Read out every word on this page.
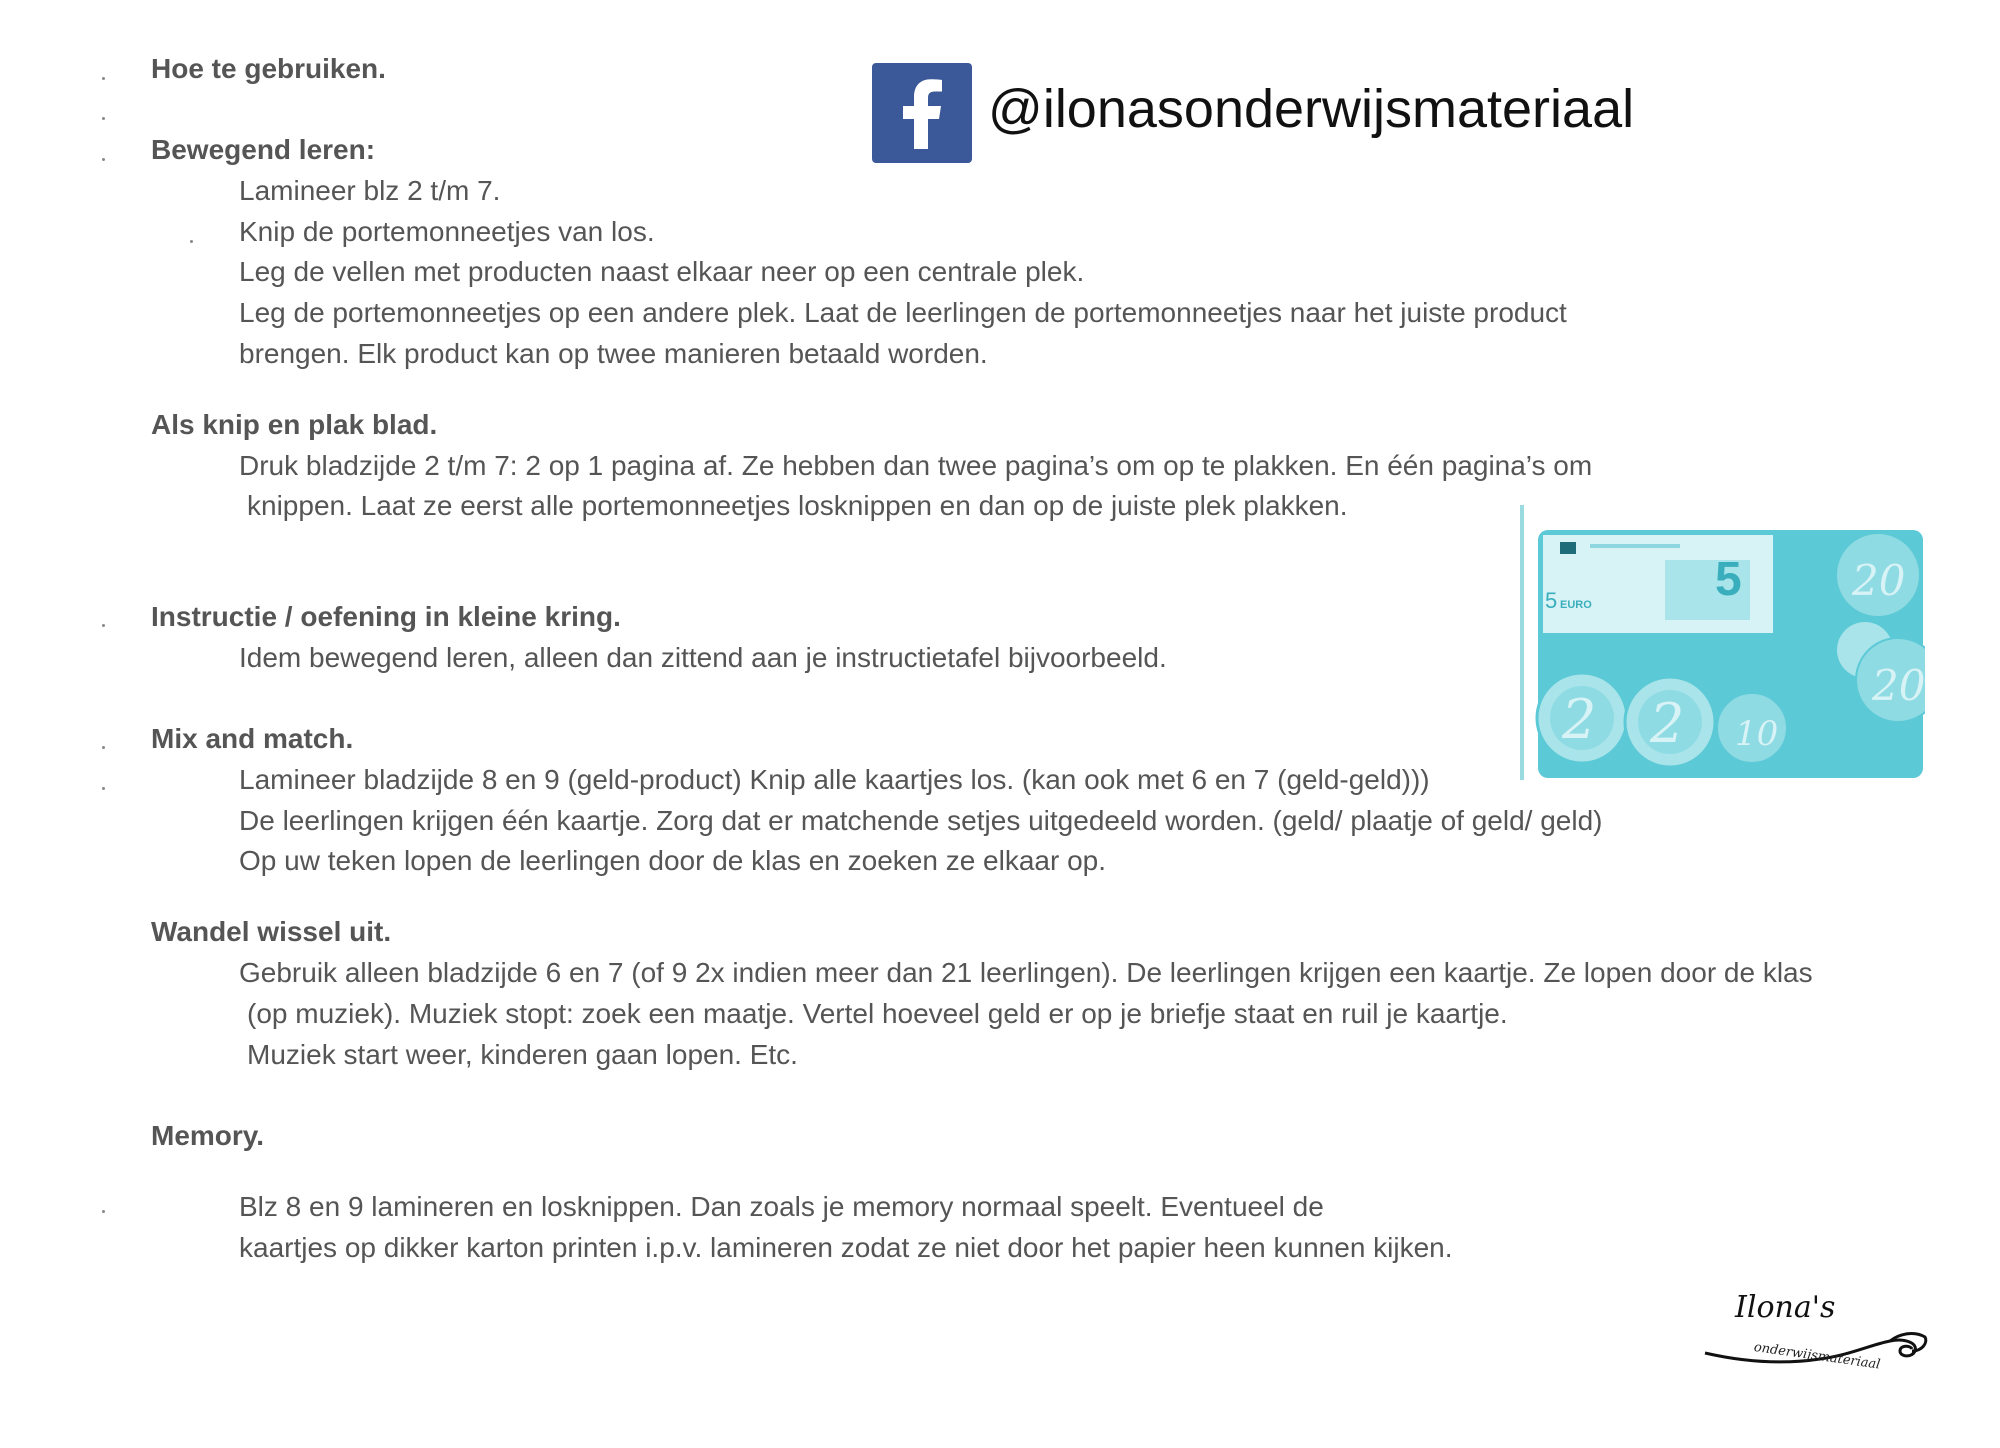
@ilonasonderwijsmateriaal
Hoe te gebruiken.
Bewegend leren:
Lamineer blz 2 t/m 7.
Knip de portemonneetjes van los.
Leg de vellen met producten naast elkaar neer op een centrale plek.
Leg de portemonneetjes op een andere plek. Laat de leerlingen de portemonneetjes naar het juiste product
brengen. Elk product kan op twee manieren betaald worden.
Als knip en plak blad.
Druk bladzijde 2 t/m 7: 2 op 1 pagina af. Ze hebben dan twee pagina’s om op te plakken. En één pagina’s om
knippen. Laat ze eerst alle portemonneetjes losknippen en dan op de juiste plek plakken.
Instructie / oefening in kleine kring.
Idem bewegend leren, alleen dan zittend aan je instructietafel bijvoorbeeld.
Mix and match.
Lamineer bladzijde 8 en 9 (geld-product) Knip alle kaartjes los. (kan ook met 6 en 7 (geld-geld)))
De leerlingen krijgen één kaartje. Zorg dat er matchende setjes uitgedeeld worden. (geld/ plaatje of geld/ geld)
Op uw teken lopen de leerlingen door de klas en zoeken ze elkaar op.
Wandel wissel uit.
Gebruik alleen bladzijde 6 en 7 (of 9 2x indien meer dan 21 leerlingen). De leerlingen krijgen een kaartje. Ze lopen door de klas
(op muziek). Muziek stopt: zoek een maatje. Vertel hoeveel geld er op je briefje staat en ruil je kaartje.
Muziek start weer, kinderen gaan lopen. Etc.
Memory.
Blz 8 en 9 lamineren en losknippen. Dan zoals je memory normaal speelt. Eventueel de
kaartjes op dikker karton printen i.p.v. lamineren zodat ze niet door het papier heen kunnen kijken.
5
5 EURO	20
20
2 2 10
Ilona's
onderwijsmateriaal
